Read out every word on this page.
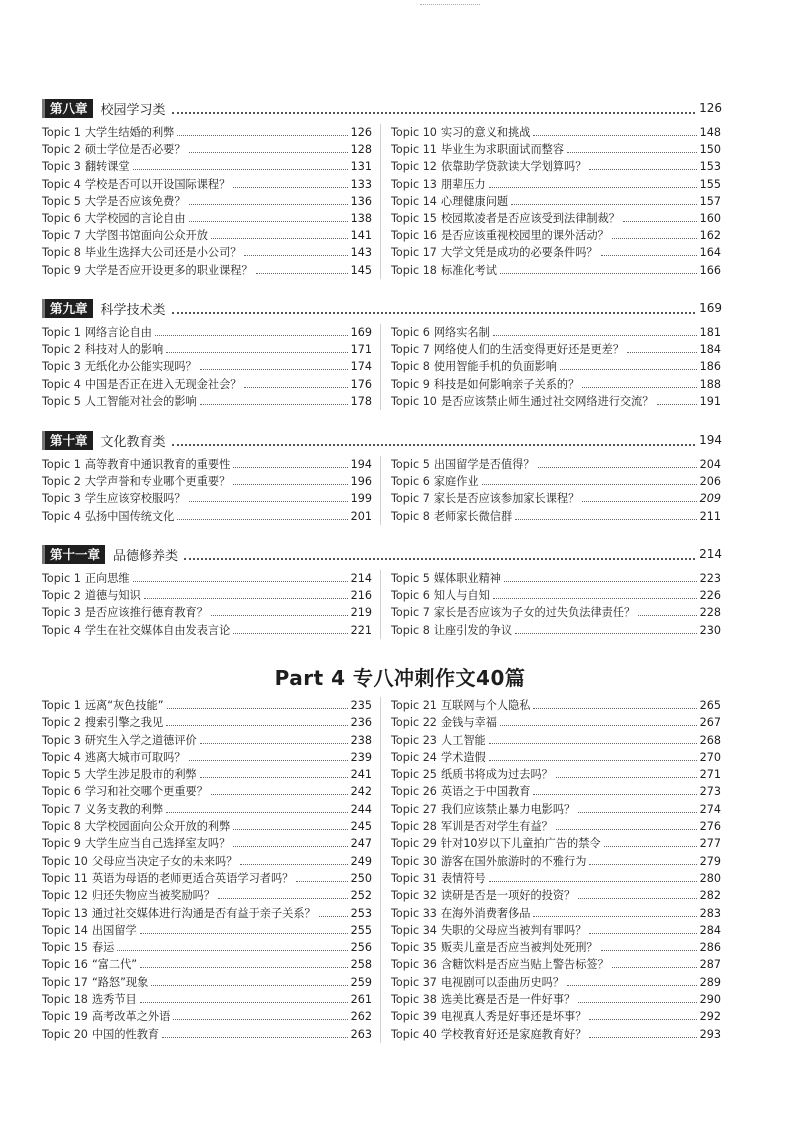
第八章	校园学习类	126
Topic 1 大学生结婚的利弊	126
Topic 2 硕士学位是否必要？	128
Topic 3 翻转课堂	131
Topic 4 学校是否可以开设国际课程？	133
Topic 5 大学是否应该免费？	136
Topic 6 大学校园的言论自由	138
Topic 7 大学图书馆面向公众开放	141
Topic 8 毕业生选择大公司还是小公司？	143
Topic 9 大学是否应开设更多的职业课程？	145
Topic 10 实习的意义和挑战	148
Topic 11 毕业生为求职面试而整容	150
Topic 12 依靠助学贷款读大学划算吗？	153
Topic 13 朋辈压力	155
Topic 14 心理健康问题	157
Topic 15 校园欺凌者是否应该受到法律制裁？	160
Topic 16 是否应该重视校园里的课外活动？	162
Topic 17 大学文凭是成功的必要条件吗？	164
Topic 18 标准化考试	166
第九章	科学技术类	169
Topic 1 网络言论自由	169
Topic 2 科技对人的影响	171
Topic 3 无纸化办公能实现吗？	174
Topic 4 中国是否正在进入无现金社会？	176
Topic 5 人工智能对社会的影响	178
Topic 6 网络实名制	181
Topic 7 网络使人们的生活变得更好还是更差？	184
Topic 8 使用智能手机的负面影响	186
Topic 9 科技是如何影响亲子关系的？	188
Topic 10 是否应该禁止师生通过社交网络进行交流？	191
第十章	文化教育类	194
Topic 1 高等教育中通识教育的重要性	194
Topic 2 大学声誉和专业哪个更重要？	196
Topic 3 学生应该穿校服吗？	199
Topic 4 弘扬中国传统文化	201
Topic 5 出国留学是否值得？	204
Topic 6 家庭作业	206
Topic 7 家长是否应该参加家长课程？	209
Topic 8 老师家长微信群	211
第十一章	品德修养类	214
Topic 1 正向思维	214
Topic 2 道德与知识	216
Topic 3 是否应该推行德育教育？	219
Topic 4 学生在社交媒体自由发表言论	221
Topic 5 媒体职业精神	223
Topic 6 知人与自知	226
Topic 7 家长是否应该为子女的过失负法律责任？	228
Topic 8 让座引发的争议	230
Part 4 专八冲刺作文40篇
Topic 1 远离“灰色技能”	235
Topic 2 搜索引擎之我见	236
Topic 3 研究生入学之道德评价	238
Topic 4 逃离大城市可取吗？	239
Topic 5 大学生涉足股市的利弊	241
Topic 6 学习和社交哪个更重要？	242
Topic 7 义务支教的利弊	244
Topic 8 大学校园面向公众开放的利弊	245
Topic 9 大学生应当自己选择室友吗？	247
Topic 10 父母应当决定子女的未来吗？	249
Topic 11 英语为母语的老师更适合英语学习者吗？	250
Topic 12 归还失物应当被奖励吗？	252
Topic 13 通过社交媒体进行沟通是否有益于亲子关系？	253
Topic 14 出国留学	255
Topic 15 春运	256
Topic 16 “富二代”	258
Topic 17 “路怒”现象	259
Topic 18 选秀节目	261
Topic 19 高考改革之外语	262
Topic 20 中国的性教育	263
Topic 21 互联网与个人隐私	265
Topic 22 金钱与幸福	267
Topic 23 人工智能	268
Topic 24 学术造假	270
Topic 25 纸质书将成为过去吗？	271
Topic 26 英语之于中国教育	273
Topic 27 我们应该禁止暴力电影吗？	274
Topic 28 军训是否对学生有益？	276
Topic 29 针对10岁以下儿童拍广告的禁令	277
Topic 30 游客在国外旅游时的不雅行为	279
Topic 31 表情符号	280
Topic 32 读研是否是一项好的投资？	282
Topic 33 在海外消费奢侈品	283
Topic 34 失职的父母应当被判有罪吗？	284
Topic 35 贩卖儿童是否应当被判处死刑？	286
Topic 36 含糖饮料是否应当贴上警告标签？	287
Topic 37 电视剧可以歪曲历史吗？	289
Topic 38 选美比赛是否是一件好事？	290
Topic 39 电视真人秀是好事还是坏事？	292
Topic 40 学校教育好还是家庭教育好？	293
